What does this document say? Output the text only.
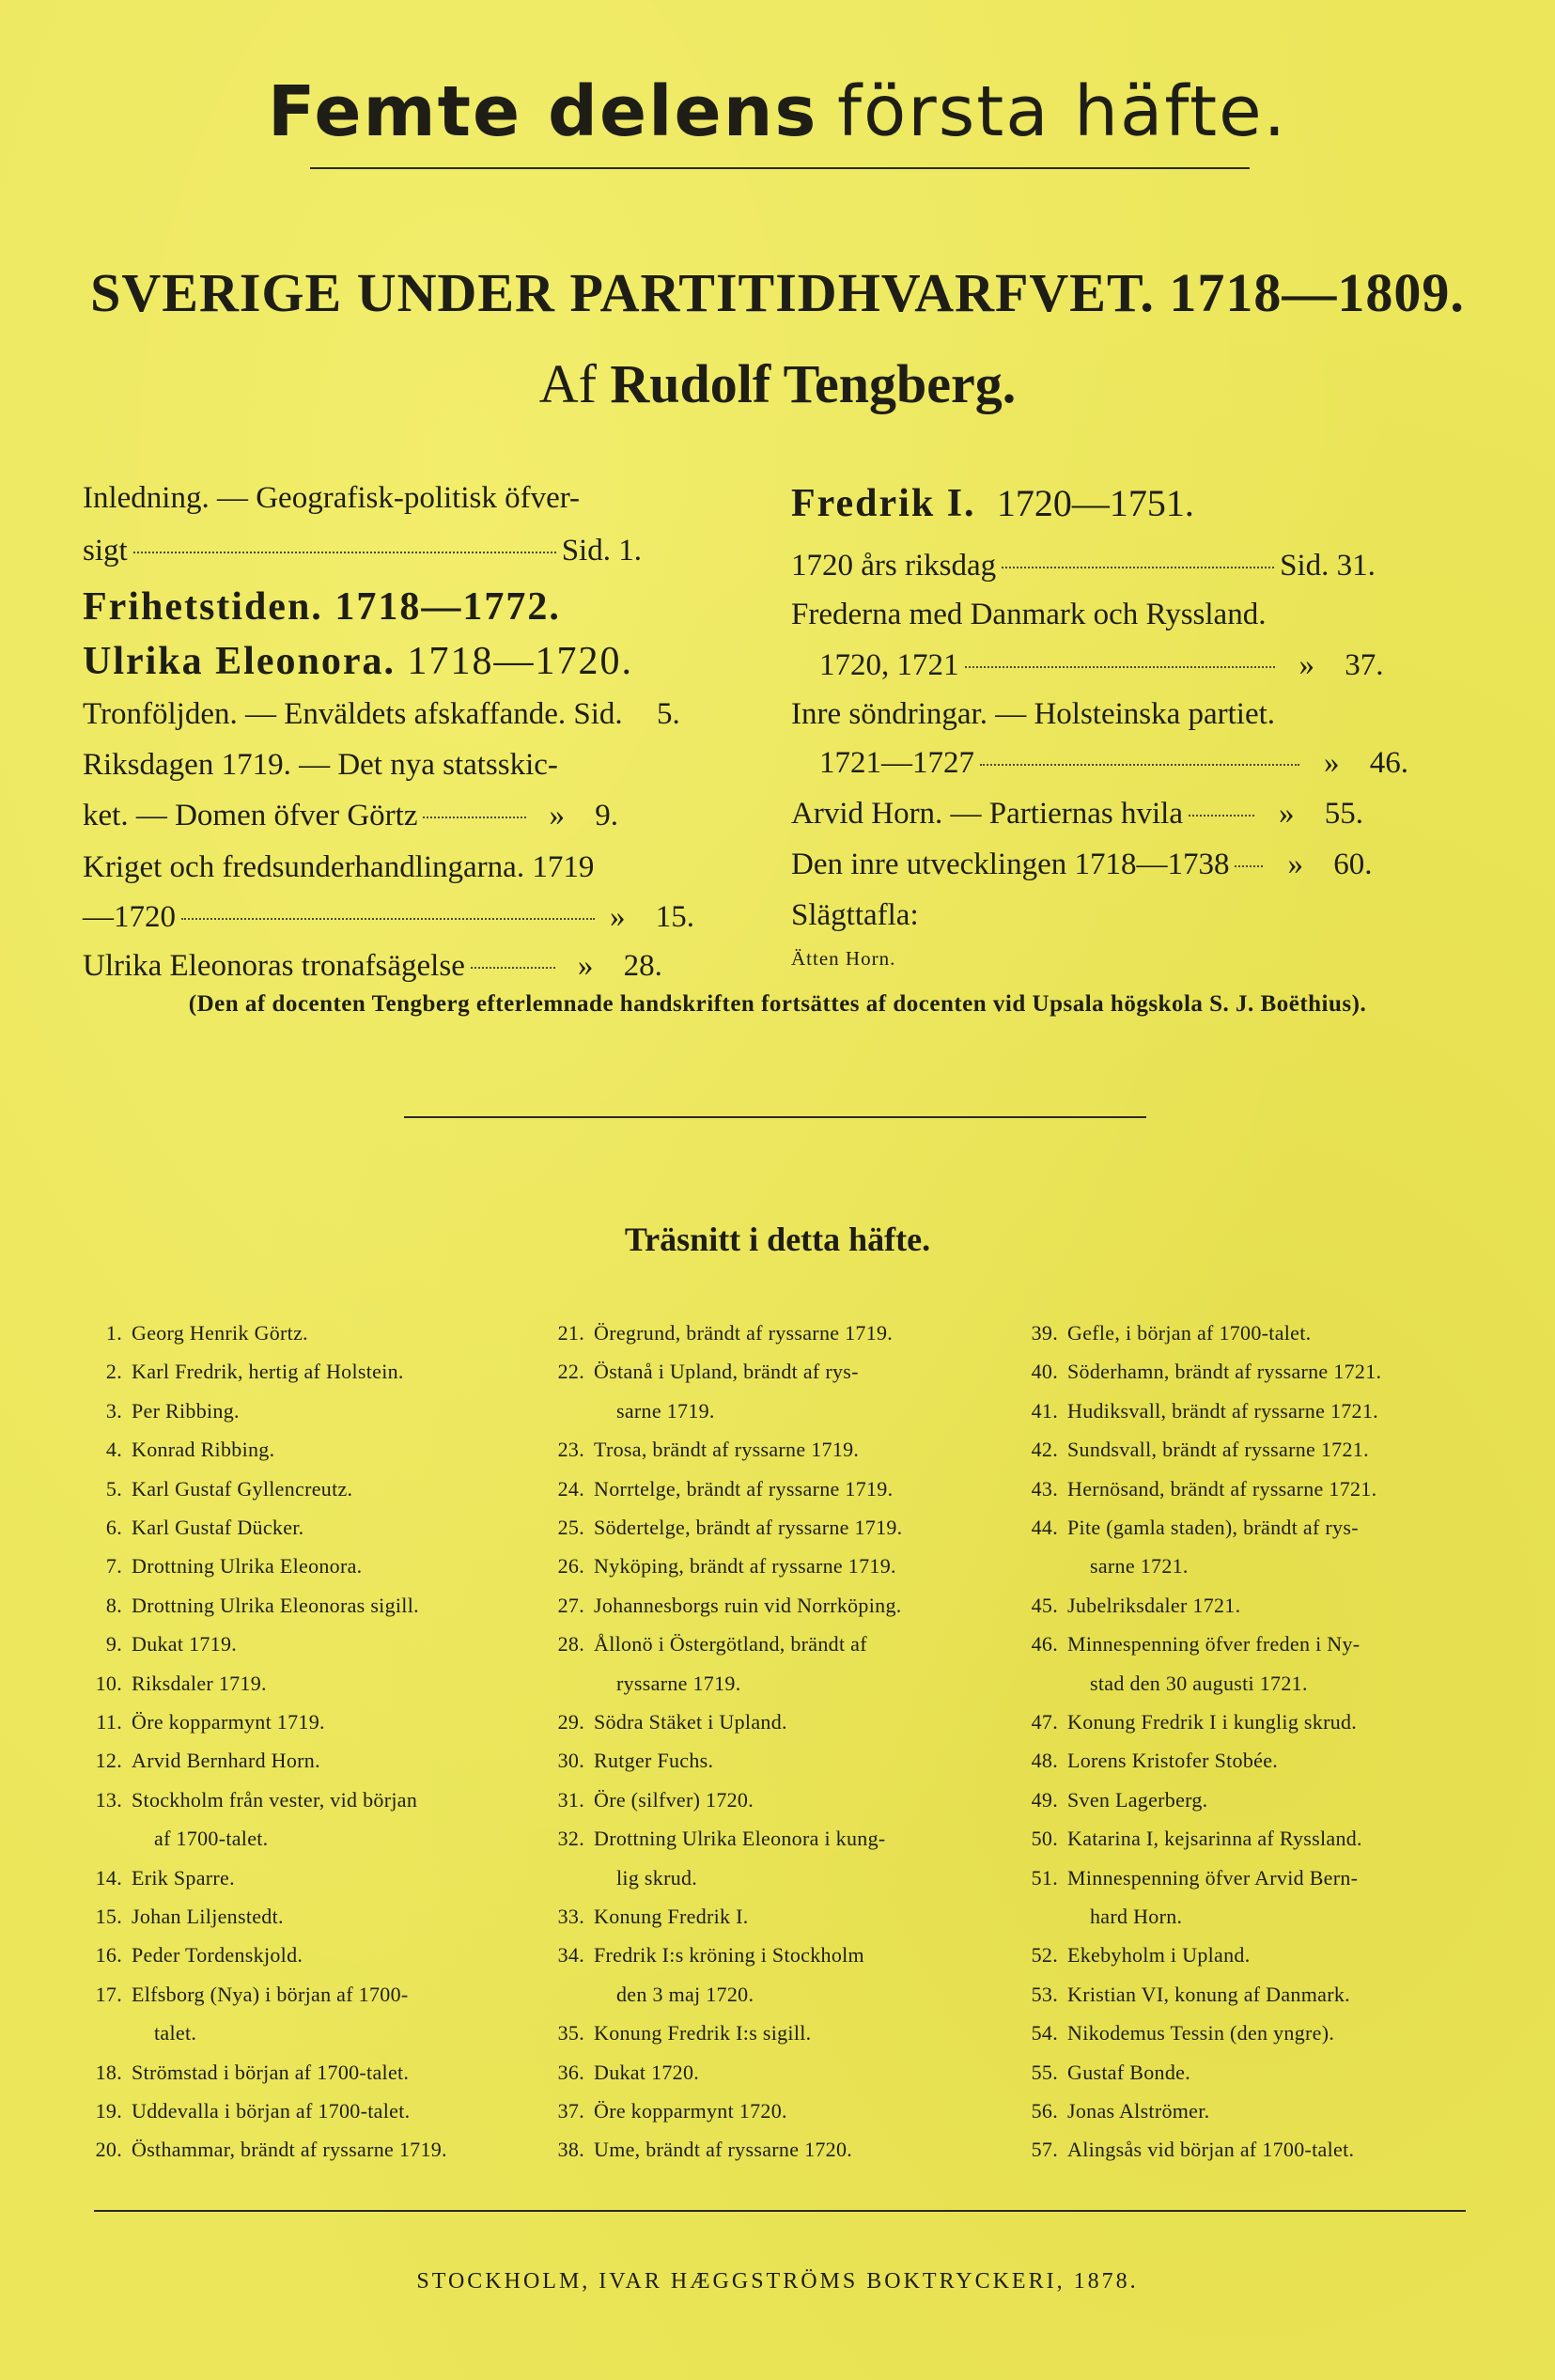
Femte delens första häfte.
SVERIGE UNDER PARTITIDHVARFVET. 1718—1809.
Af Rudolf Tengberg.
Inledning. — Geografisk-politisk öfver-
sigt	Sid. 1.
Frihetstiden. 1718—1772.
Ulrika Eleonora. 1718—1720.
Tronföljden. — Enväldets afskaffande. Sid. 5.
Riksdagen 1719. — Det nya statsskic-
ket. — Domen öfver Görtz	» 9.
Kriget och fredsunderhandlingarna. 1719
—1720	» 15.
Ulrika Eleonoras tronafsägelse	» 28.
Fredrik I. 1720—1751.
1720 års riksdag	Sid. 31.
Frederna med Danmark och Ryssland.
1720, 1721	» 37.
Inre söndringar. — Holsteinska partiet.
1721—1727	» 46.
Arvid Horn. — Partiernas hvila	» 55.
Den inre utvecklingen 1718—1738 » 60.
Slägttafla:
Ätten Horn.
(Den af docenten Tengberg efterlemnade handskriften fortsättes af docenten vid Upsala högskola S. J. Boëthius).
Träsnitt i detta häfte.
1. Georg Henrik Görtz.
2. Karl Fredrik, hertig af Holstein.
3. Per Ribbing.
4. Konrad Ribbing.
5. Karl Gustaf Gyllencreutz.
6. Karl Gustaf Dücker.
7. Drottning Ulrika Eleonora.
8. Drottning Ulrika Eleonoras sigill.
9. Dukat 1719.
10. Riksdaler 1719.
11. Öre kopparmynt 1719.
12. Arvid Bernhard Horn.
13. Stockholm från vester, vid början
af 1700-talet.
14. Erik Sparre.
15. Johan Liljenstedt.
16. Peder Tordenskjold.
17. Elfsborg (Nya) i början af 1700-
talet.
18. Strömstad i början af 1700-talet.
19. Uddevalla i början af 1700-talet.
20. Östhammar, brändt af ryssarne 1719.
21. Öregrund, brändt af ryssarne 1719.
22. Östanå i Upland, brändt af rys-
sarne 1719.
23. Trosa, brändt af ryssarne 1719.
24. Norrtelge, brändt af ryssarne 1719.
25. Södertelge, brändt af ryssarne 1719.
26. Nyköping, brändt af ryssarne 1719.
27. Johannesborgs ruin vid Norrköping.
28. Ållonö i Östergötland, brändt af
ryssarne 1719.
29. Södra Stäket i Upland.
30. Rutger Fuchs.
31. Öre (silfver) 1720.
32. Drottning Ulrika Eleonora i kung-
lig skrud.
33. Konung Fredrik I.
34. Fredrik I:s kröning i Stockholm
den 3 maj 1720.
35. Konung Fredrik I:s sigill.
36. Dukat 1720.
37. Öre kopparmynt 1720.
38. Ume, brändt af ryssarne 1720.
39. Gefle, i början af 1700-talet.
40. Söderhamn, brändt af ryssarne 1721.
41. Hudiksvall, brändt af ryssarne 1721.
42. Sundsvall, brändt af ryssarne 1721.
43. Hernösand, brändt af ryssarne 1721.
44. Pite (gamla staden), brändt af rys-
sarne 1721.
45. Jubelriksdaler 1721.
46. Minnespenning öfver freden i Ny-
stad den 30 augusti 1721.
47. Konung Fredrik I i kunglig skrud.
48. Lorens Kristofer Stobée.
49. Sven Lagerberg.
50. Katarina I, kejsarinna af Ryssland.
51. Minnespenning öfver Arvid Bern-
hard Horn.
52. Ekebyholm i Upland.
53. Kristian VI, konung af Danmark.
54. Nikodemus Tessin (den yngre).
55. Gustaf Bonde.
56. Jonas Alströmer.
57. Alingsås vid början af 1700-talet.
STOCKHOLM, IVAR HÆGGSTRÖMS BOKTRYCKERI, 1878.
